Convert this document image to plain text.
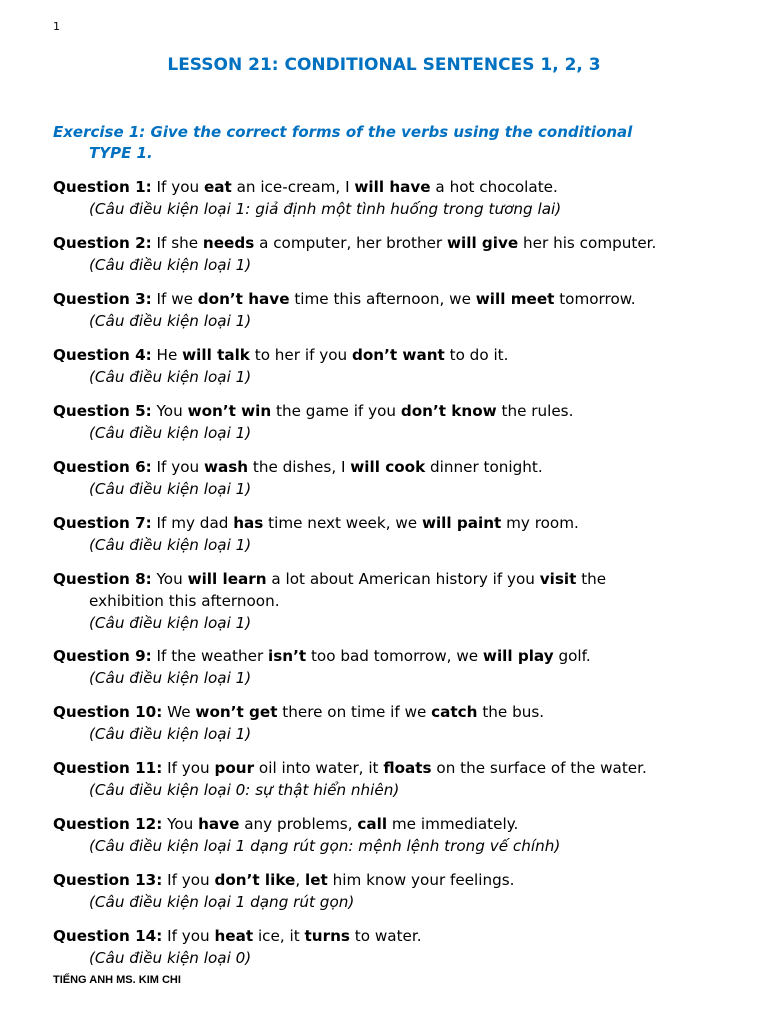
1
LESSON 21: CONDITIONAL SENTENCES 1, 2, 3
Exercise 1: Give the correct forms of the verbs using the conditional
TYPE 1.
Question 1: If you eat an ice-cream, I will have a hot chocolate.
(Câu điều kiện loại 1: giả định một tình huống trong tương lai)
Question 2: If she needs a computer, her brother will give her his computer.
(Câu điều kiện loại 1)
Question 3: If we don’t have time this afternoon, we will meet tomorrow.
(Câu điều kiện loại 1)
Question 4: He will talk to her if you don’t want to do it.
(Câu điều kiện loại 1)
Question 5: You won’t win the game if you don’t know the rules.
(Câu điều kiện loại 1)
Question 6: If you wash the dishes, I will cook dinner tonight.
(Câu điều kiện loại 1)
Question 7: If my dad has time next week, we will paint my room.
(Câu điều kiện loại 1)
Question 8: You will learn a lot about American history if you visit the
exhibition this afternoon.
(Câu điều kiện loại 1)
Question 9: If the weather isn’t too bad tomorrow, we will play golf.
(Câu điều kiện loại 1)
Question 10: We won’t get there on time if we catch the bus.
(Câu điều kiện loại 1)
Question 11: If you pour oil into water, it floats on the surface of the water.
(Câu điều kiện loại 0: sự thật hiển nhiên)
Question 12: You have any problems, call me immediately.
(Câu điều kiện loại 1 dạng rút gọn: mệnh lệnh trong vế chính)
Question 13: If you don’t like, let him know your feelings.
(Câu điều kiện loại 1 dạng rút gọn)
Question 14: If you heat ice, it turns to water.
(Câu điều kiện loại 0)
TIẾNG ANH MS. KIM CHI
